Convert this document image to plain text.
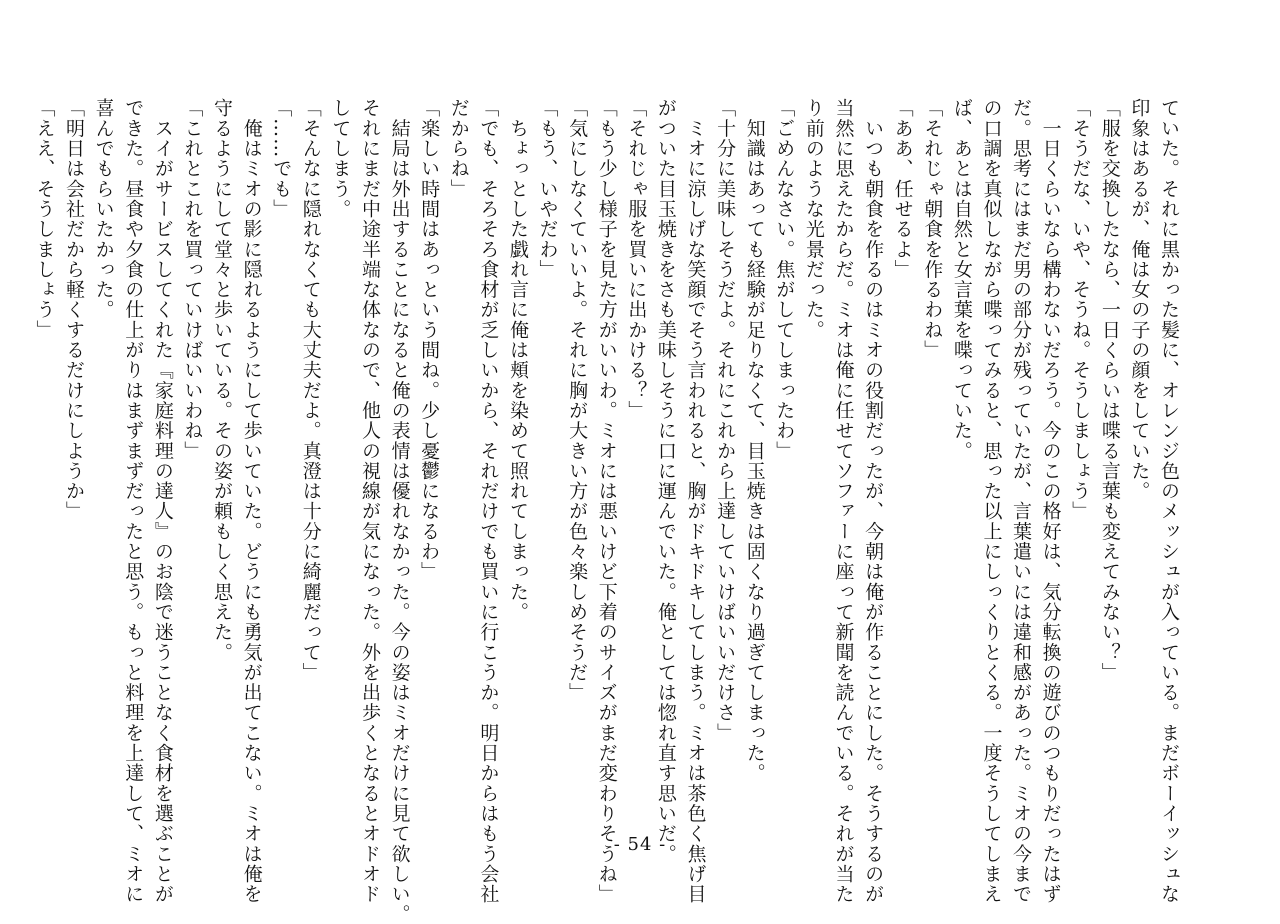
ていた。それに黒かった髪に、オレンジ色のメッシュが入っている。まだボーイッシュな
印象はあるが、俺は女の子の顔をしていた。
「服を交換したなら、一日くらいは喋る言葉も変えてみない？」
「そうだな、いや、そうね。そうしましょう」
　一日くらいなら構わないだろう。今のこの格好は、気分転換の遊びのつもりだったはず
だ。思考にはまだ男の部分が残っていたが、言葉遣いには違和感があった。ミオの今まで
の口調を真似しながら喋ってみると、思った以上にしっくりとくる。一度そうしてしまえ
ば、あとは自然と女言葉を喋っていた。
「それじゃ朝食を作るわね」
「ああ、任せるよ」
　いつも朝食を作るのはミオの役割だったが、今朝は俺が作ることにした。そうするのが
当然に思えたからだ。ミオは俺に任せてソファーに座って新聞を読んでいる。それが当た
り前のような光景だった。
「ごめんなさい。焦がしてしまったわ」
　知識はあっても経験が足りなくて、目玉焼きは固くなり過ぎてしまった。
「十分に美味しそうだよ。それにこれから上達していけばいいだけさ」
　ミオに涼しげな笑顔でそう言われると、胸がドキドキしてしまう。ミオは茶色く焦げ目
がついた目玉焼きをさも美味しそうに口に運んでいた。俺としては惚れ直す思いだ。
「それじゃ服を買いに出かける？」
「もう少し様子を見た方がいいわ。ミオには悪いけど下着のサイズがまだ変わりそうね」
「気にしなくていいよ。それに胸が大きい方が色々楽しめそうだ」
「もう、いやだわ」
　ちょっとした戯れ言に俺は頬を染めて照れてしまった。
「でも、そろそろ食材が乏しいから、それだけでも買いに行こうか。明日からはもう会社
だからね」
「楽しい時間はあっという間ね。少し憂鬱になるわ」
　結局は外出することになると俺の表情は優れなかった。今の姿はミオだけに見て欲しい。
それにまだ中途半端な体なので、他人の視線が気になった。外を出歩くとなるとオドオド
してしまう。
「そんなに隠れなくても大丈夫だよ。真澄は十分に綺麗だって」
「……でも」
　俺はミオの影に隠れるようにして歩いていた。どうにも勇気が出てこない。ミオは俺を
守るようにして堂々と歩いている。その姿が頼もしく思えた。
「これとこれを買っていけばいいわね」
　スイがサービスしてくれた『家庭料理の達人』のお陰で迷うことなく食材を選ぶことが
できた。昼食や夕食の仕上がりはまずまずだったと思う。もっと料理を上達して、ミオに
喜んでもらいたかった。
「明日は会社だから軽くするだけにしようか」
「ええ、そうしましょう」
- 54 -
